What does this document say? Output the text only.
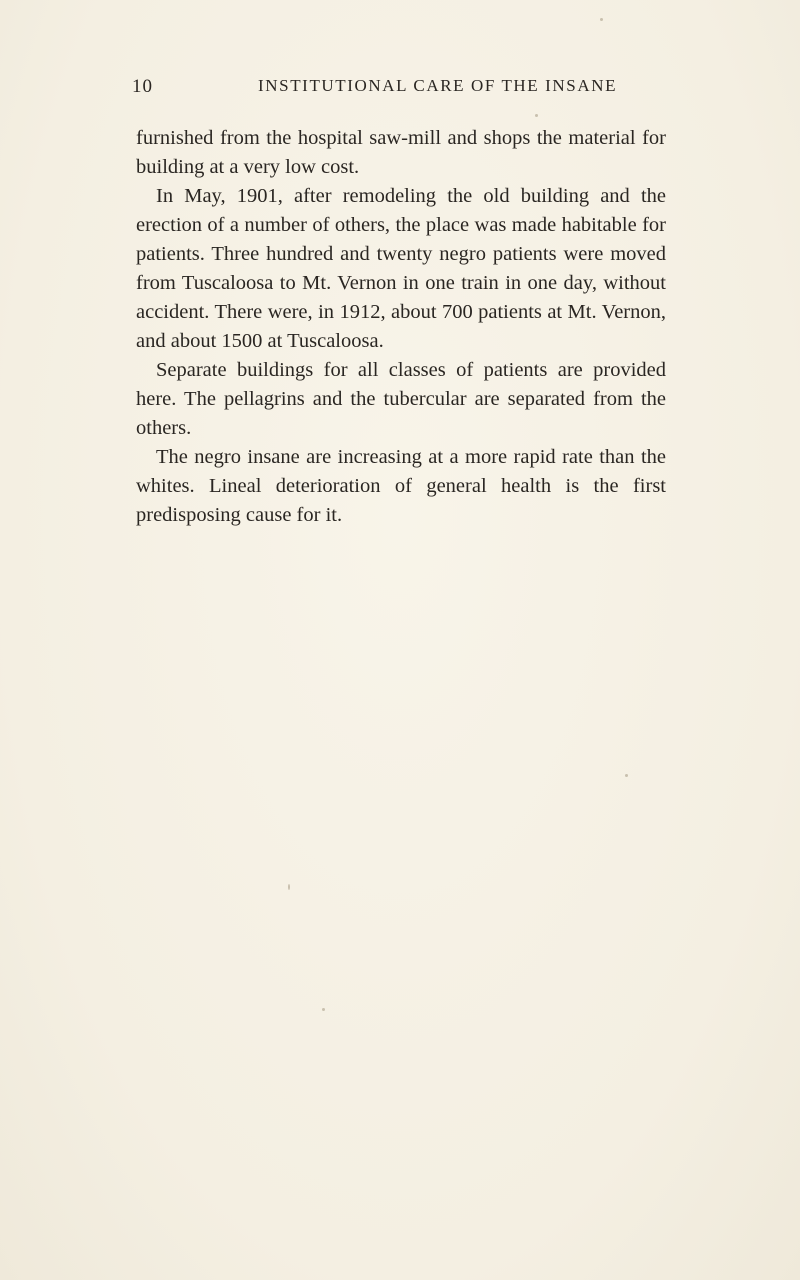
10	INSTITUTIONAL CARE OF THE INSANE

furnished from the hospital saw-mill and shops the material for building at a very low cost.

In May, 1901, after remodeling the old building and the erection of a number of others, the place was made habitable for patients. Three hundred and twenty negro patients were moved from Tuscaloosa to Mt. Vernon in one train in one day, without accident. There were, in 1912, about 700 patients at Mt. Vernon, and about 1500 at Tuscaloosa.

Separate buildings for all classes of patients are provided here. The pellagrins and the tubercular are separated from the others.

The negro insane are increasing at a more rapid rate than the whites. Lineal deterioration of general health is the first predisposing cause for it.
